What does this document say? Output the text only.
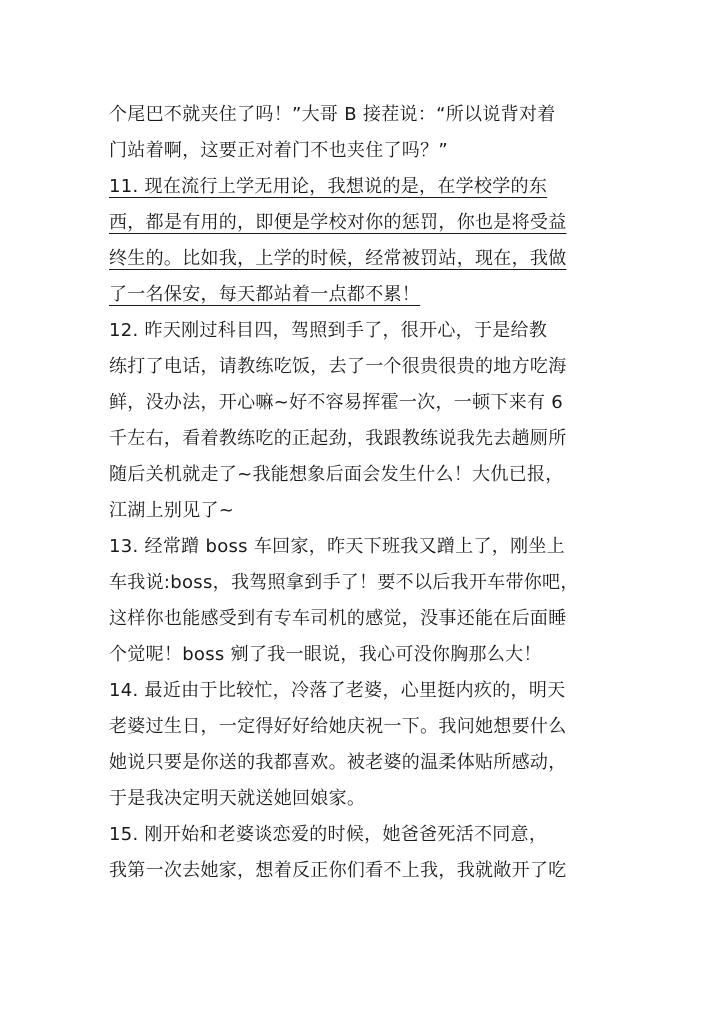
个尾巴不就夹住了吗！”大哥 B 接茬说：“所以说背对着
门站着啊，这要正对着门不也夹住了吗？”
11. 现在流行上学无用论，我想说的是，在学校学的东
西，都是有用的，即便是学校对你的惩罚，你也是将受益
终生的。比如我，上学的时候，经常被罚站，现在，我做
了一名保安，每天都站着一点都不累！
12. 昨天刚过科目四，驾照到手了，很开心，于是给教
练打了电话，请教练吃饭，去了一个很贵很贵的地方吃海
鲜，没办法，开心嘛~好不容易挥霍一次，一顿下来有 6
千左右，看着教练吃的正起劲，我跟教练说我先去趟厕所
随后关机就走了~我能想象后面会发生什么！大仇已报，
江湖上别见了~
13. 经常蹭 boss 车回家，昨天下班我又蹭上了，刚坐上
车我说:boss，我驾照拿到手了！要不以后我开车带你吧，
这样你也能感受到有专车司机的感觉，没事还能在后面睡
个觉呢！boss 剜了我一眼说，我心可没你胸那么大！
14. 最近由于比较忙，冷落了老婆，心里挺内疚的，明天
老婆过生日，一定得好好给她庆祝一下。我问她想要什么
她说只要是你送的我都喜欢。被老婆的温柔体贴所感动，
于是我决定明天就送她回娘家。
15. 刚开始和老婆谈恋爱的时候，她爸爸死活不同意，
我第一次去她家，想着反正你们看不上我，我就敞开了吃
